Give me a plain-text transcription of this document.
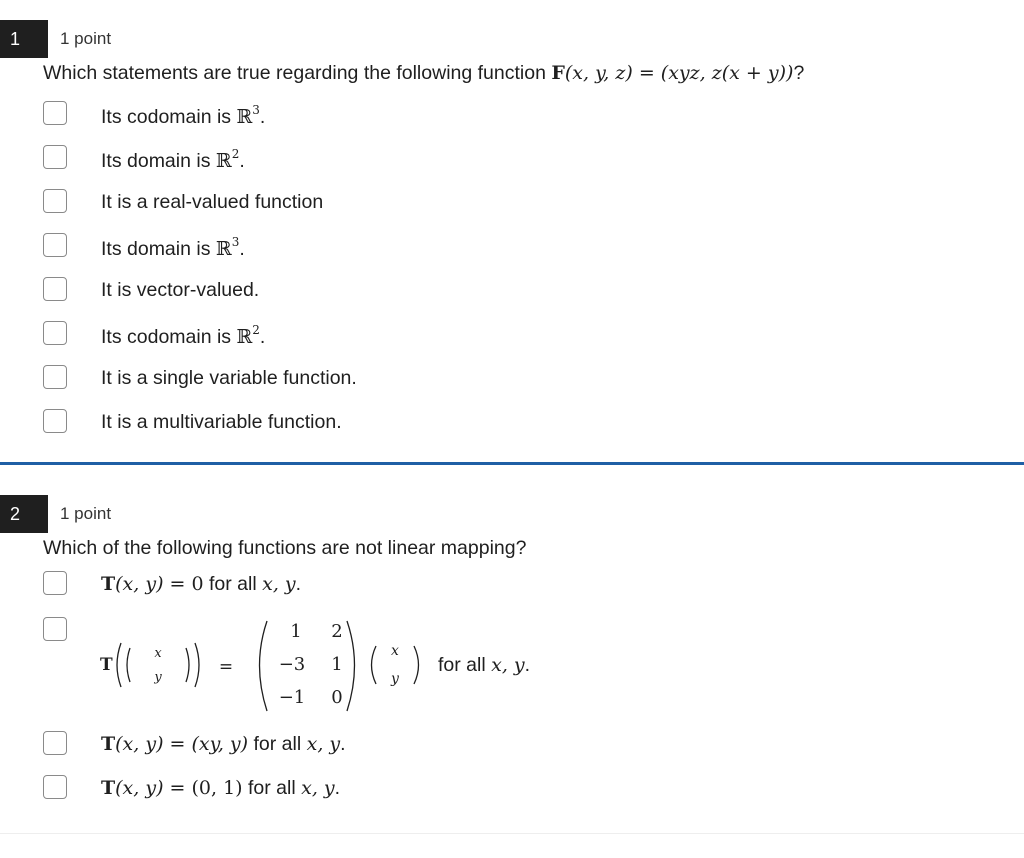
1	1 point
Which statements are true regarding the following function F(x, y, z) = (xyz, z(x + y))?
Its codomain is ℝ$^3$.
Its domain is ℝ$^2$.
It is a real-valued function
Its domain is ℝ$^3$.
It is vector-valued.
Its codomain is ℝ$^2$.
It is a single variable function.
It is a multivariable function.
2	1 point
Which of the following functions are not linear mapping?
T(x, y) = 0 for all x, y.
T
x
y
=
1 2
−3 1
−1 0
x
y
for all x, y.
T(x, y) = (xy, y) for all x, y.
T(x, y) = (0, 1) for all x, y.
